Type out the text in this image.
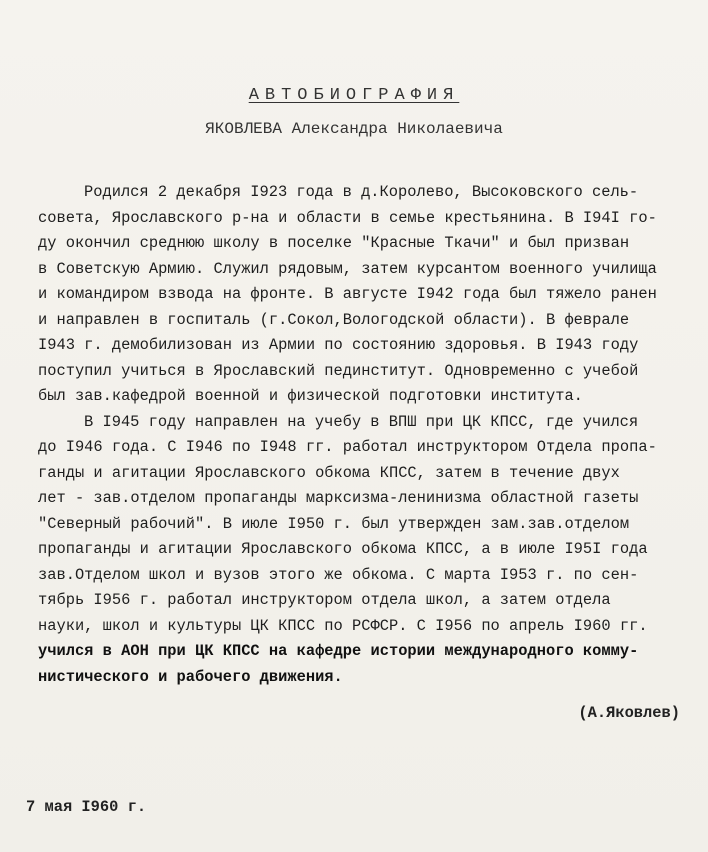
АВТОБИОГРАФИЯ
ЯКОВЛЕВА Александра Николаевича
Родился 2 декабря I923 года в д.Королево, Высоковского сель-
совета, Ярославского р-на и области в семье крестьянина. В I94I го-
ду окончил среднюю школу в поселке "Красные Ткачи" и был призван
в Советскую Армию. Служил рядовым, затем курсантом военного училища
и командиром взвода на фронте. В августе I942 года был тяжело ранен
и направлен в госпиталь (г.Сокол,Вологодской области). В феврале
I943 г. демобилизован из Армии по состоянию здоровья. В I943 году
поступил учиться в Ярославский пединститут. Одновременно с учебой
был зав.кафедрой военной и физической подготовки института.
В I945 году направлен на учебу в ВПШ при ЦК КПСС, где учился
до I946 года. С I946 по I948 гг. работал инструктором Отдела пропа-
ганды и агитации Ярославского обкома КПСС, затем в течение двух
лет - зав.отделом пропаганды марксизма-ленинизма областной газеты
"Северный рабочий". В июле I950 г. был утвержден зам.зав.отделом
пропаганды и агитации Ярославского обкома КПСС, а в июле I95I года
зав.Отделом школ и вузов этого же обкома. С марта I953 г. по сен-
тябрь I956 г. работал инструктором отдела школ, а затем отдела
науки, школ и культуры ЦК КПСС по РСФСР. С I956 по апрель I960 гг.
учился в АОН при ЦК КПСС на кафедре истории международного комму-
нистического и рабочего движения.
(А.Яковлев)
7 мая I960 г.
